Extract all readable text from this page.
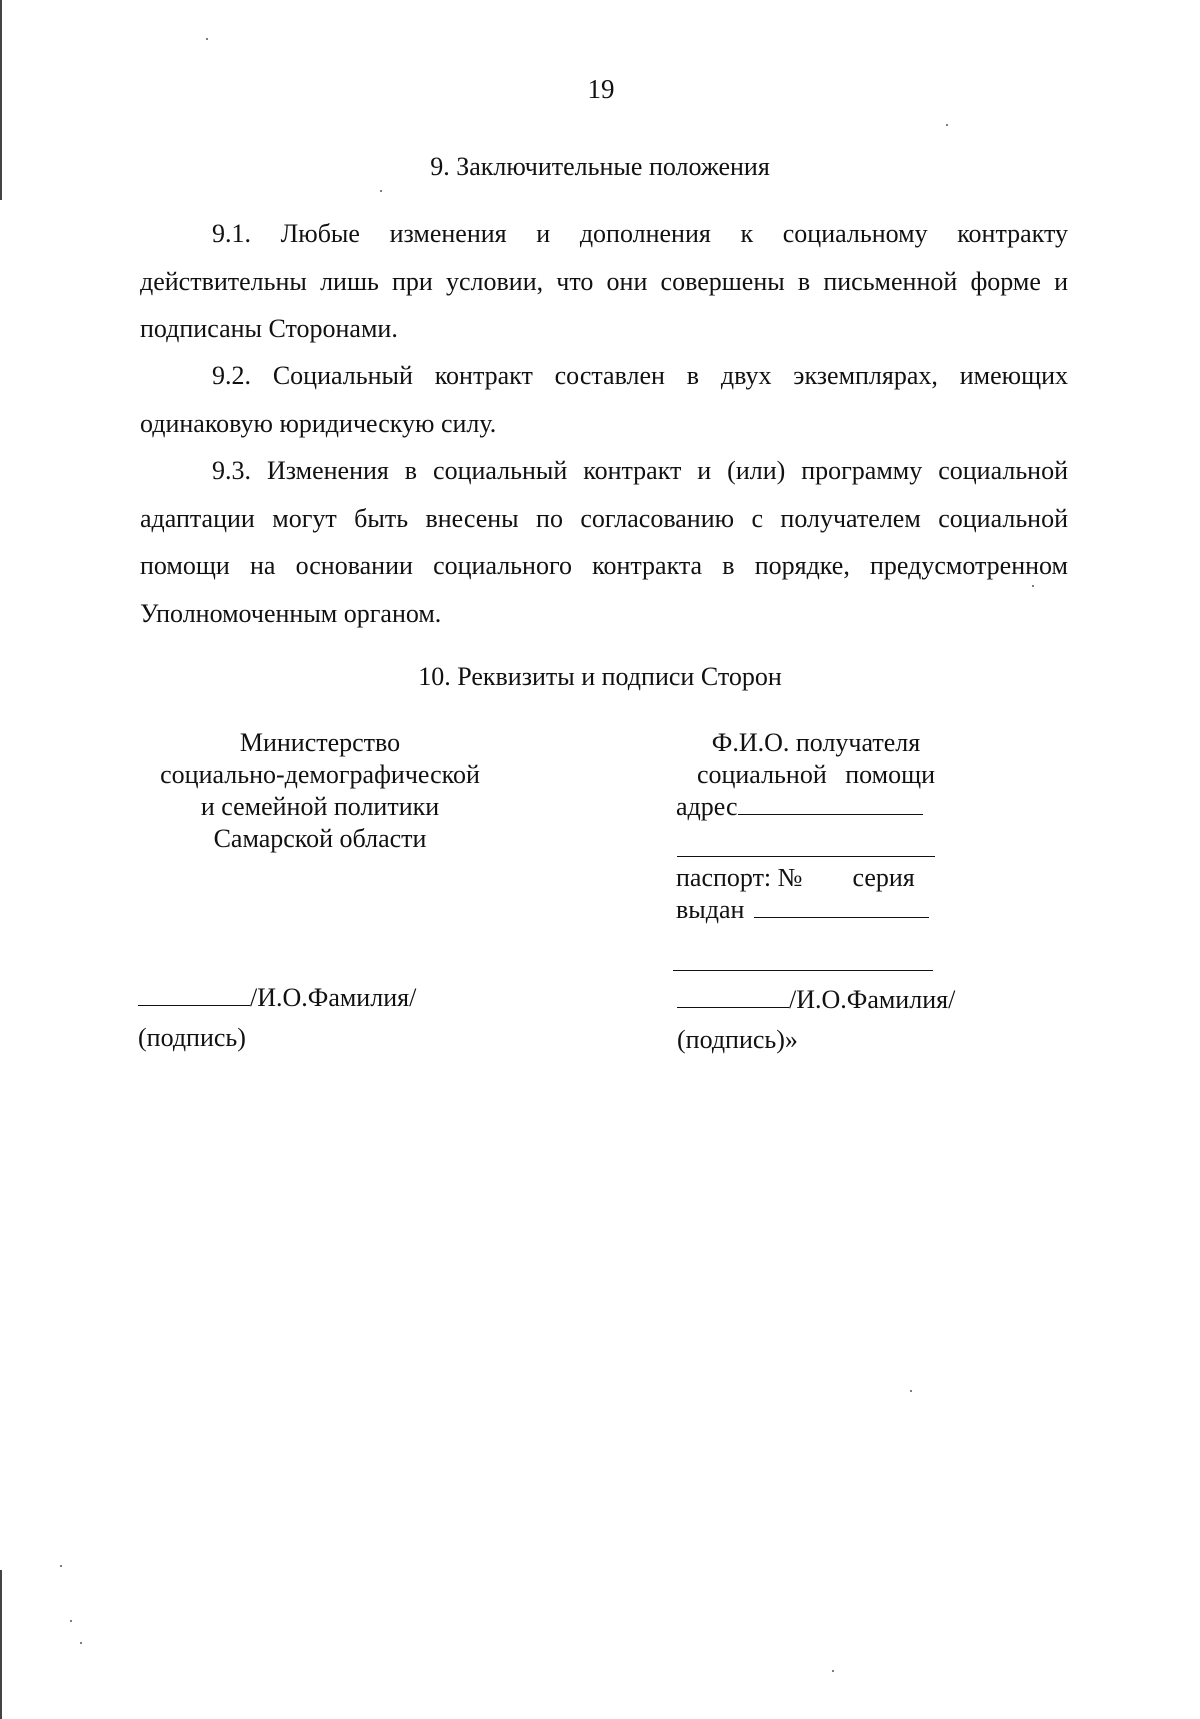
19
9. Заключительные положения

9.1. Любые изменения и дополнения к социальному контракту действительны лишь при условии, что они совершены в письменной форме и подписаны Сторонами.

9.2. Социальный контракт составлен в двух экземплярах, имеющих одинаковую юридическую силу.

9.3. Изменения в социальный контракт и (или) программу социальной адаптации могут быть внесены по согласованию с получателем социальной помощи на основании социального контракта в порядке, предусмотренном Уполномоченным органом.

10. Реквизиты и подписи Сторон
Министерство
социально-демографической
и семейной политики
Самарской области
Ф.И.О. получателя
социальной помощи
адрес
паспорт: № серия
выдан
/И.О.Фамилия/
(подпись)
/И.О.Фамилия/
(подпись)»
